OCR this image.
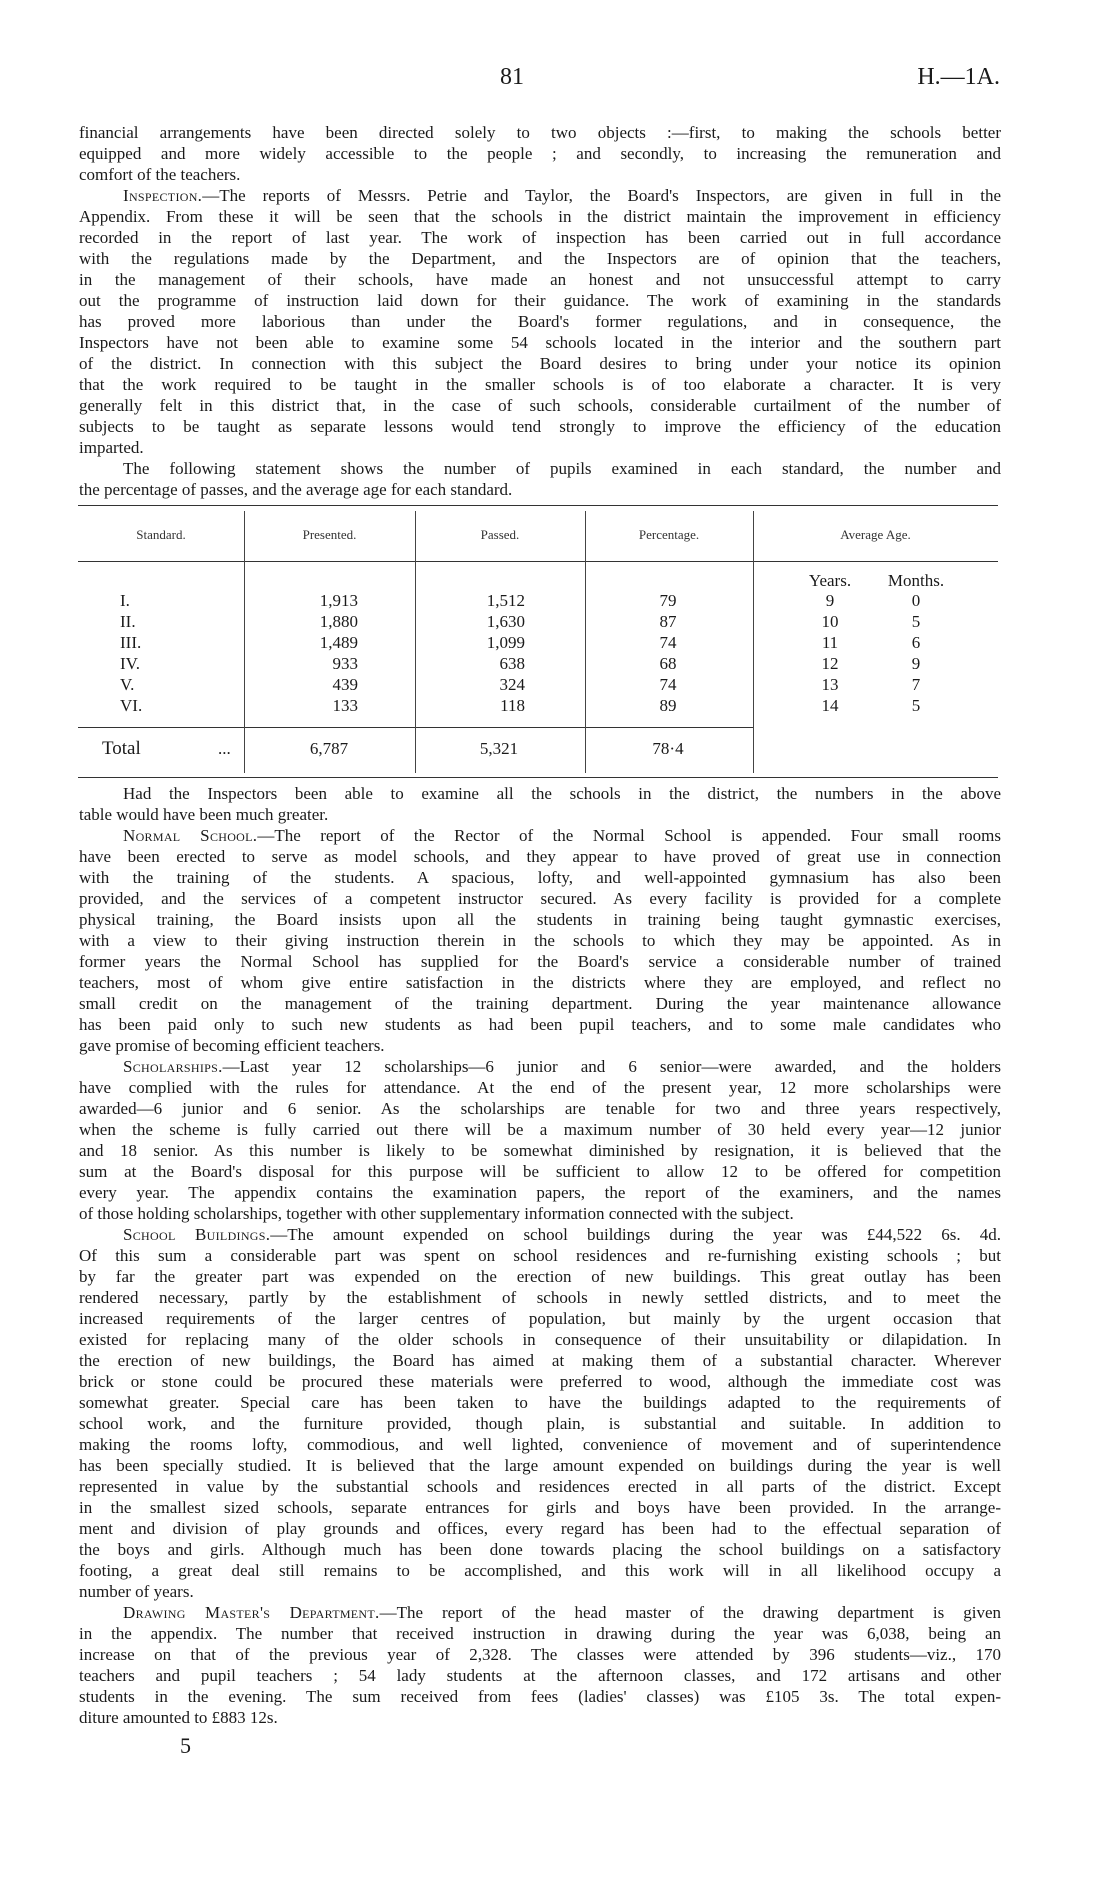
81	H.—1A.
financial arrangements have been directed solely to two objects :—first, to making the schools better
equipped and more widely accessible to the people ; and secondly, to increasing the remuneration and
comfort of the teachers.
Inspection.—The reports of Messrs. Petrie and Taylor, the Board's Inspectors, are given in full in the
Appendix. From these it will be seen that the schools in the district maintain the improvement in efficiency
recorded in the report of last year. The work of inspection has been carried out in full accordance
with the regulations made by the Department, and the Inspectors are of opinion that the teachers,
in the management of their schools, have made an honest and not unsuccessful attempt to carry
out the programme of instruction laid down for their guidance. The work of examining in the standards
has proved more laborious than under the Board's former regulations, and in consequence, the
Inspectors have not been able to examine some 54 schools located in the interior and the southern part
of the district. In connection with this subject the Board desires to bring under your notice its opinion
that the work required to be taught in the smaller schools is of too elaborate a character. It is very
generally felt in this district that, in the case of such schools, considerable curtailment of the number of
subjects to be taught as separate lessons would tend strongly to improve the efficiency of the education
imparted.
The following statement shows the number of pupils examined in each standard, the number and
the percentage of passes, and the average age for each standard.
Standard.	Presented.	Passed.	Percentage.	Average Age.
Years.	Months.
I.	1,913	1,512	79	9	0
II.	1,880	1,630	87	10	5
III.	1,489	1,099	74	11	6
IV.	933	638	68	12	9
V.	439	324	74	13	7
VI.	133	118	89	14	5
Total	...	6,787	5,321	78·4
Had the Inspectors been able to examine all the schools in the district, the numbers in the above
table would have been much greater.
Normal School.—The report of the Rector of the Normal School is appended. Four small rooms
have been erected to serve as model schools, and they appear to have proved of great use in connection
with the training of the students. A spacious, lofty, and well-appointed gymnasium has also been
provided, and the services of a competent instructor secured. As every facility is provided for a complete
physical training, the Board insists upon all the students in training being taught gymnastic exercises,
with a view to their giving instruction therein in the schools to which they may be appointed. As in
former years the Normal School has supplied for the Board's service a considerable number of trained
teachers, most of whom give entire satisfaction in the districts where they are employed, and reflect no
small credit on the management of the training department. During the year maintenance allowance
has been paid only to such new students as had been pupil teachers, and to some male candidates who
gave promise of becoming efficient teachers.
Scholarships.—Last year 12 scholarships—6 junior and 6 senior—were awarded, and the holders
have complied with the rules for attendance. At the end of the present year, 12 more scholarships were
awarded—6 junior and 6 senior. As the scholarships are tenable for two and three years respectively,
when the scheme is fully carried out there will be a maximum number of 30 held every year—12 junior
and 18 senior. As this number is likely to be somewhat diminished by resignation, it is believed that the
sum at the Board's disposal for this purpose will be sufficient to allow 12 to be offered for competition
every year. The appendix contains the examination papers, the report of the examiners, and the names
of those holding scholarships, together with other supplementary information connected with the subject.
School Buildings.—The amount expended on school buildings during the year was £44,522 6s. 4d.
Of this sum a considerable part was spent on school residences and re-furnishing existing schools ; but
by far the greater part was expended on the erection of new buildings. This great outlay has been
rendered necessary, partly by the establishment of schools in newly settled districts, and to meet the
increased requirements of the larger centres of population, but mainly by the urgent occasion that
existed for replacing many of the older schools in consequence of their unsuitability or dilapidation. In
the erection of new buildings, the Board has aimed at making them of a substantial character. Wherever
brick or stone could be procured these materials were preferred to wood, although the immediate cost was
somewhat greater. Special care has been taken to have the buildings adapted to the requirements of
school work, and the furniture provided, though plain, is substantial and suitable. In addition to
making the rooms lofty, commodious, and well lighted, convenience of movement and of superintendence
has been specially studied. It is believed that the large amount expended on buildings during the year is well
represented in value by the substantial schools and residences erected in all parts of the district. Except
in the smallest sized schools, separate entrances for girls and boys have been provided. In the arrange-
ment and division of play grounds and offices, every regard has been had to the effectual separation of
the boys and girls. Although much has been done towards placing the school buildings on a satisfactory
footing, a great deal still remains to be accomplished, and this work will in all likelihood occupy a
number of years.
Drawing Master's Department.—The report of the head master of the drawing department is given
in the appendix. The number that received instruction in drawing during the year was 6,038, being an
increase on that of the previous year of 2,328. The classes were attended by 396 students—viz., 170
teachers and pupil teachers ; 54 lady students at the afternoon classes, and 172 artisans and other
students in the evening. The sum received from fees (ladies' classes) was £105 3s. The total expen-
diture amounted to £883 12s.
5
